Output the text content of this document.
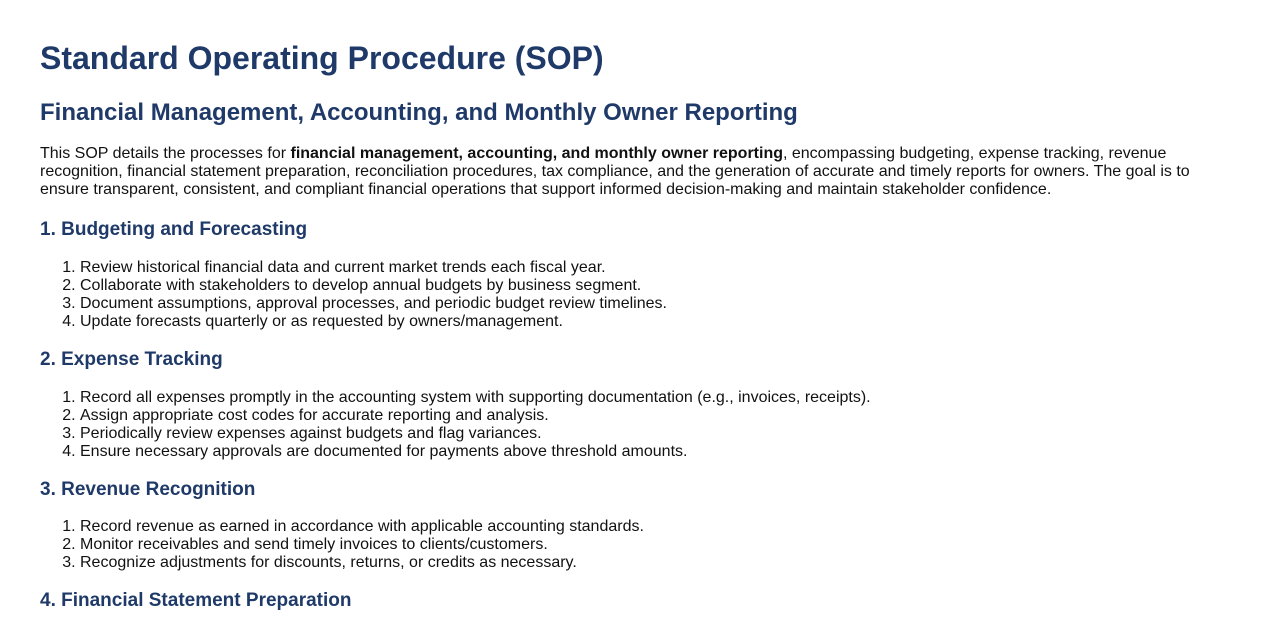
Standard Operating Procedure (SOP)
Financial Management, Accounting, and Monthly Owner Reporting

This SOP details the processes for financial management, accounting, and monthly owner reporting, encompassing budgeting, expense tracking, revenue recognition, financial statement preparation, reconciliation procedures, tax compliance, and the generation of accurate and timely reports for owners. The goal is to ensure transparent, consistent, and compliant financial operations that support informed decision-making and maintain stakeholder confidence.

1. Budgeting and Forecasting
1. Review historical financial data and current market trends each fiscal year.
2. Collaborate with stakeholders to develop annual budgets by business segment.
3. Document assumptions, approval processes, and periodic budget review timelines.
4. Update forecasts quarterly or as requested by owners/management.
2. Expense Tracking
1. Record all expenses promptly in the accounting system with supporting documentation (e.g., invoices, receipts).
2. Assign appropriate cost codes for accurate reporting and analysis.
3. Periodically review expenses against budgets and flag variances.
4. Ensure necessary approvals are documented for payments above threshold amounts.
3. Revenue Recognition
1. Record revenue as earned in accordance with applicable accounting standards.
2. Monitor receivables and send timely invoices to clients/customers.
3. Recognize adjustments for discounts, returns, or credits as necessary.
4. Financial Statement Preparation
